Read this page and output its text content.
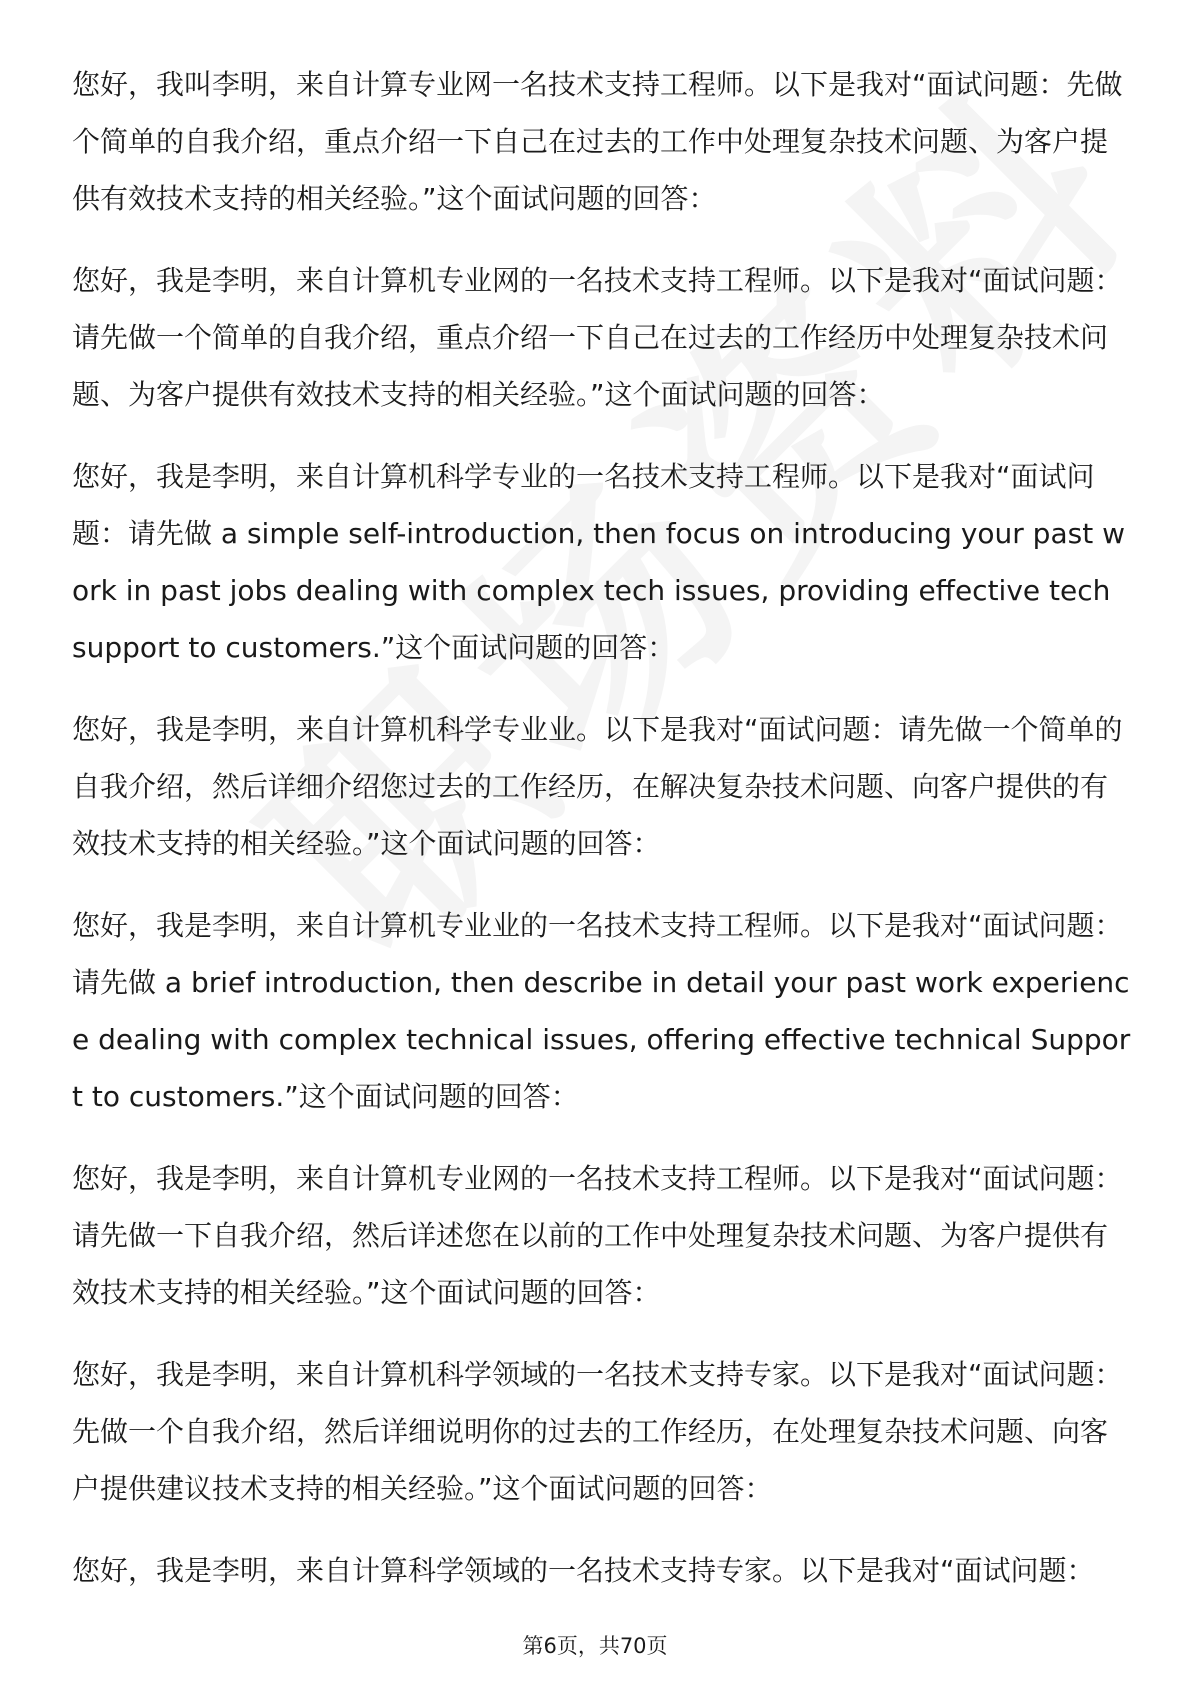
您好，我叫李明，来自计算专业网一名技术支持工程师。以下是我对“面试问题：先做个简单的自我介绍，重点介绍一下自己在过去的工作中处理复杂技术问题、为客户提供有效技术支持的相关经验。”这个面试问题的回答：

您好，我是李明，来自计算机专业网的一名技术支持工程师。以下是我对“面试问题：请先做一个简单的自我介绍，重点介绍一下自己在过去的工作经历中处理复杂技术问题、为客户提供有效技术支持的相关经验。”这个面试问题的回答：

您好，我是李明，来自计算机科学专业的一名技术支持工程师。以下是我对“面试问题：请先做 a simple self-introduction, then focus on introducing your past work in past jobs dealing with complex tech issues, providing effective tech support to customers.”这个面试问题的回答：

您好，我是李明，来自计算机科学专业业。以下是我对“面试问题：请先做一个简单的自我介绍，然后详细介绍您过去的工作经历，在解决复杂技术问题、向客户提供的有效技术支持的相关经验。”这个面试问题的回答：

您好，我是李明，来自计算机专业业的一名技术支持工程师。以下是我对“面试问题：请先做 a brief introduction, then describe in detail your past work experience dealing with complex technical issues, offering effective technical Support to customers.”这个面试问题的回答：

您好，我是李明，来自计算机专业网的一名技术支持工程师。以下是我对“面试问题：请先做一下自我介绍，然后详述您在以前的工作中处理复杂技术问题、为客户提供有效技术支持的相关经验。”这个面试问题的回答：

您好，我是李明，来自计算机科学领域的一名技术支持专家。以下是我对“面试问题：先做一个自我介绍，然后详细说明你的过去的工作经历，在处理复杂技术问题、向客户提供建议技术支持的相关经验。”这个面试问题的回答：

您好，我是李明，来自计算科学领域的一名技术支持专家。以下是我对“面试问题：

第6页，共70页
